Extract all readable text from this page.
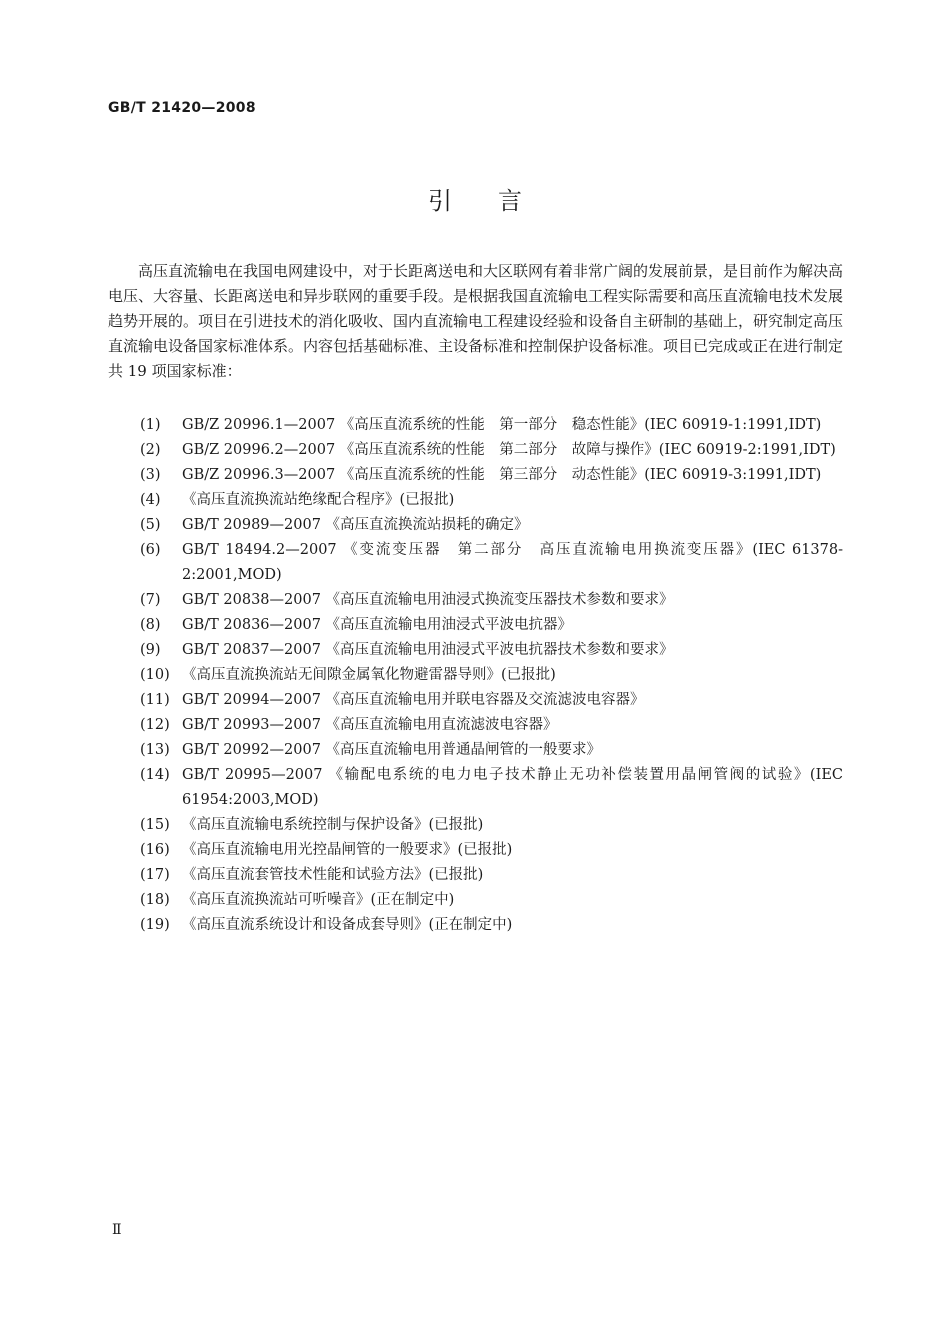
GB/T 21420—2008
引言
高压直流输电在我国电网建设中，对于长距离送电和大区联网有着非常广阔的发展前景，是目前作为解决高电压、大容量、长距离送电和异步联网的重要手段。是根据我国直流输电工程实际需要和高压直流输电技术发展趋势开展的。项目在引进技术的消化吸收、国内直流输电工程建设经验和设备自主研制的基础上，研究制定高压直流输电设备国家标准体系。内容包括基础标准、主设备标准和控制保护设备标准。项目已完成或正在进行制定共 19 项国家标准：
(1)	GB/Z 20996.1—2007 《高压直流系统的性能　第一部分　稳态性能》(IEC 60919-1:1991,IDT)
(2)	GB/Z 20996.2—2007 《高压直流系统的性能　第二部分　故障与操作》(IEC 60919-2:1991,IDT)
(3)	GB/Z 20996.3—2007 《高压直流系统的性能　第三部分　动态性能》(IEC 60919-3:1991,IDT)
(4)	《高压直流换流站绝缘配合程序》(已报批)
(5)	GB/T 20989—2007 《高压直流换流站损耗的确定》
(6)	GB/T 18494.2—2007 《变流变压器　第二部分　高压直流输电用换流变压器》(IEC 61378-2:2001,MOD)
(7)	GB/T 20838—2007 《高压直流输电用油浸式换流变压器技术参数和要求》
(8)	GB/T 20836—2007 《高压直流输电用油浸式平波电抗器》
(9)	GB/T 20837—2007 《高压直流输电用油浸式平波电抗器技术参数和要求》
(10) 《高压直流换流站无间隙金属氧化物避雷器导则》(已报批)
(11) GB/T 20994—2007 《高压直流输电用并联电容器及交流滤波电容器》
(12) GB/T 20993—2007 《高压直流输电用直流滤波电容器》
(13) GB/T 20992—2007 《高压直流输电用普通晶闸管的一般要求》
(14) GB/T 20995—2007 《输配电系统的电力电子技术静止无功补偿装置用晶闸管阀的试验》(IEC 61954:2003,MOD)
(15) 《高压直流输电系统控制与保护设备》(已报批)
(16) 《高压直流输电用光控晶闸管的一般要求》(已报批)
(17) 《高压直流套管技术性能和试验方法》(已报批)
(18) 《高压直流换流站可听噪音》(正在制定中)
(19) 《高压直流系统设计和设备成套导则》(正在制定中)
Ⅱ
